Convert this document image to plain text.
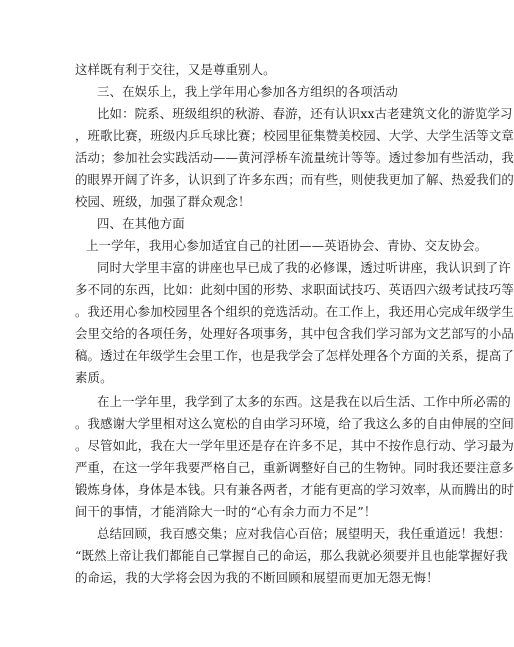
这样既有利于交往，又是尊重别人。
三、在娱乐上，我上学年用心参加各方组织的各项活动
比如：院系、班级组织的秋游、春游，还有认识xx古老建筑文化的游览学习
，班歌比赛，班级内乒乓球比赛；校园里征集赞美校园、大学、大学生活等文章
活动；参加社会实践活动——黄河浮桥车流量统计等等。透过参加有些活动，我
的眼界开阔了许多，认识到了许多东西；而有些，则使我更加了解、热爱我们的
校园、班级，加强了群众观念！
四、在其他方面
上一学年，我用心参加适宜自己的社团——英语协会、青协、交友协会。
同时大学里丰富的讲座也早已成了我的必修课，透过听讲座，我认识到了许
多不同的东西，比如：此刻中国的形势、求职面试技巧、英语四六级考试技巧等
。我还用心参加校园里各个组织的竞选活动。在工作上，我还用心完成年级学生
会里交给的各项任务，处理好各项事务，其中包含我们学习部为文艺部写的小品
稿。透过在年级学生会里工作，也是我学会了怎样处理各个方面的关系，提高了
素质。
在上一学年里，我学到了太多的东西。这是我在以后生活、工作中所必需的
。我感谢大学里相对这么宽松的自由学习环境，给了我这么多的自由伸展的空间
。尽管如此，我在大一学年里还是存在许多不足，其中不按作息行动、学习最为
严重，在这一学年我要严格自己，重新调整好自己的生物钟。同时我还要注意多
锻炼身体，身体是本钱。只有兼各两者，才能有更高的学习效率，从而腾出的时
间干的事情，才能消除大一时的“心有余力而力不足”！
总结回顾，我百感交集；应对我信心百倍；展望明天，我任重道远！我想：
“既然上帝让我们都能自己掌握自己的命运，那么我就必须要并且也能掌握好我
的命运，我的大学将会因为我的不断回顾和展望而更加无怨无悔！
